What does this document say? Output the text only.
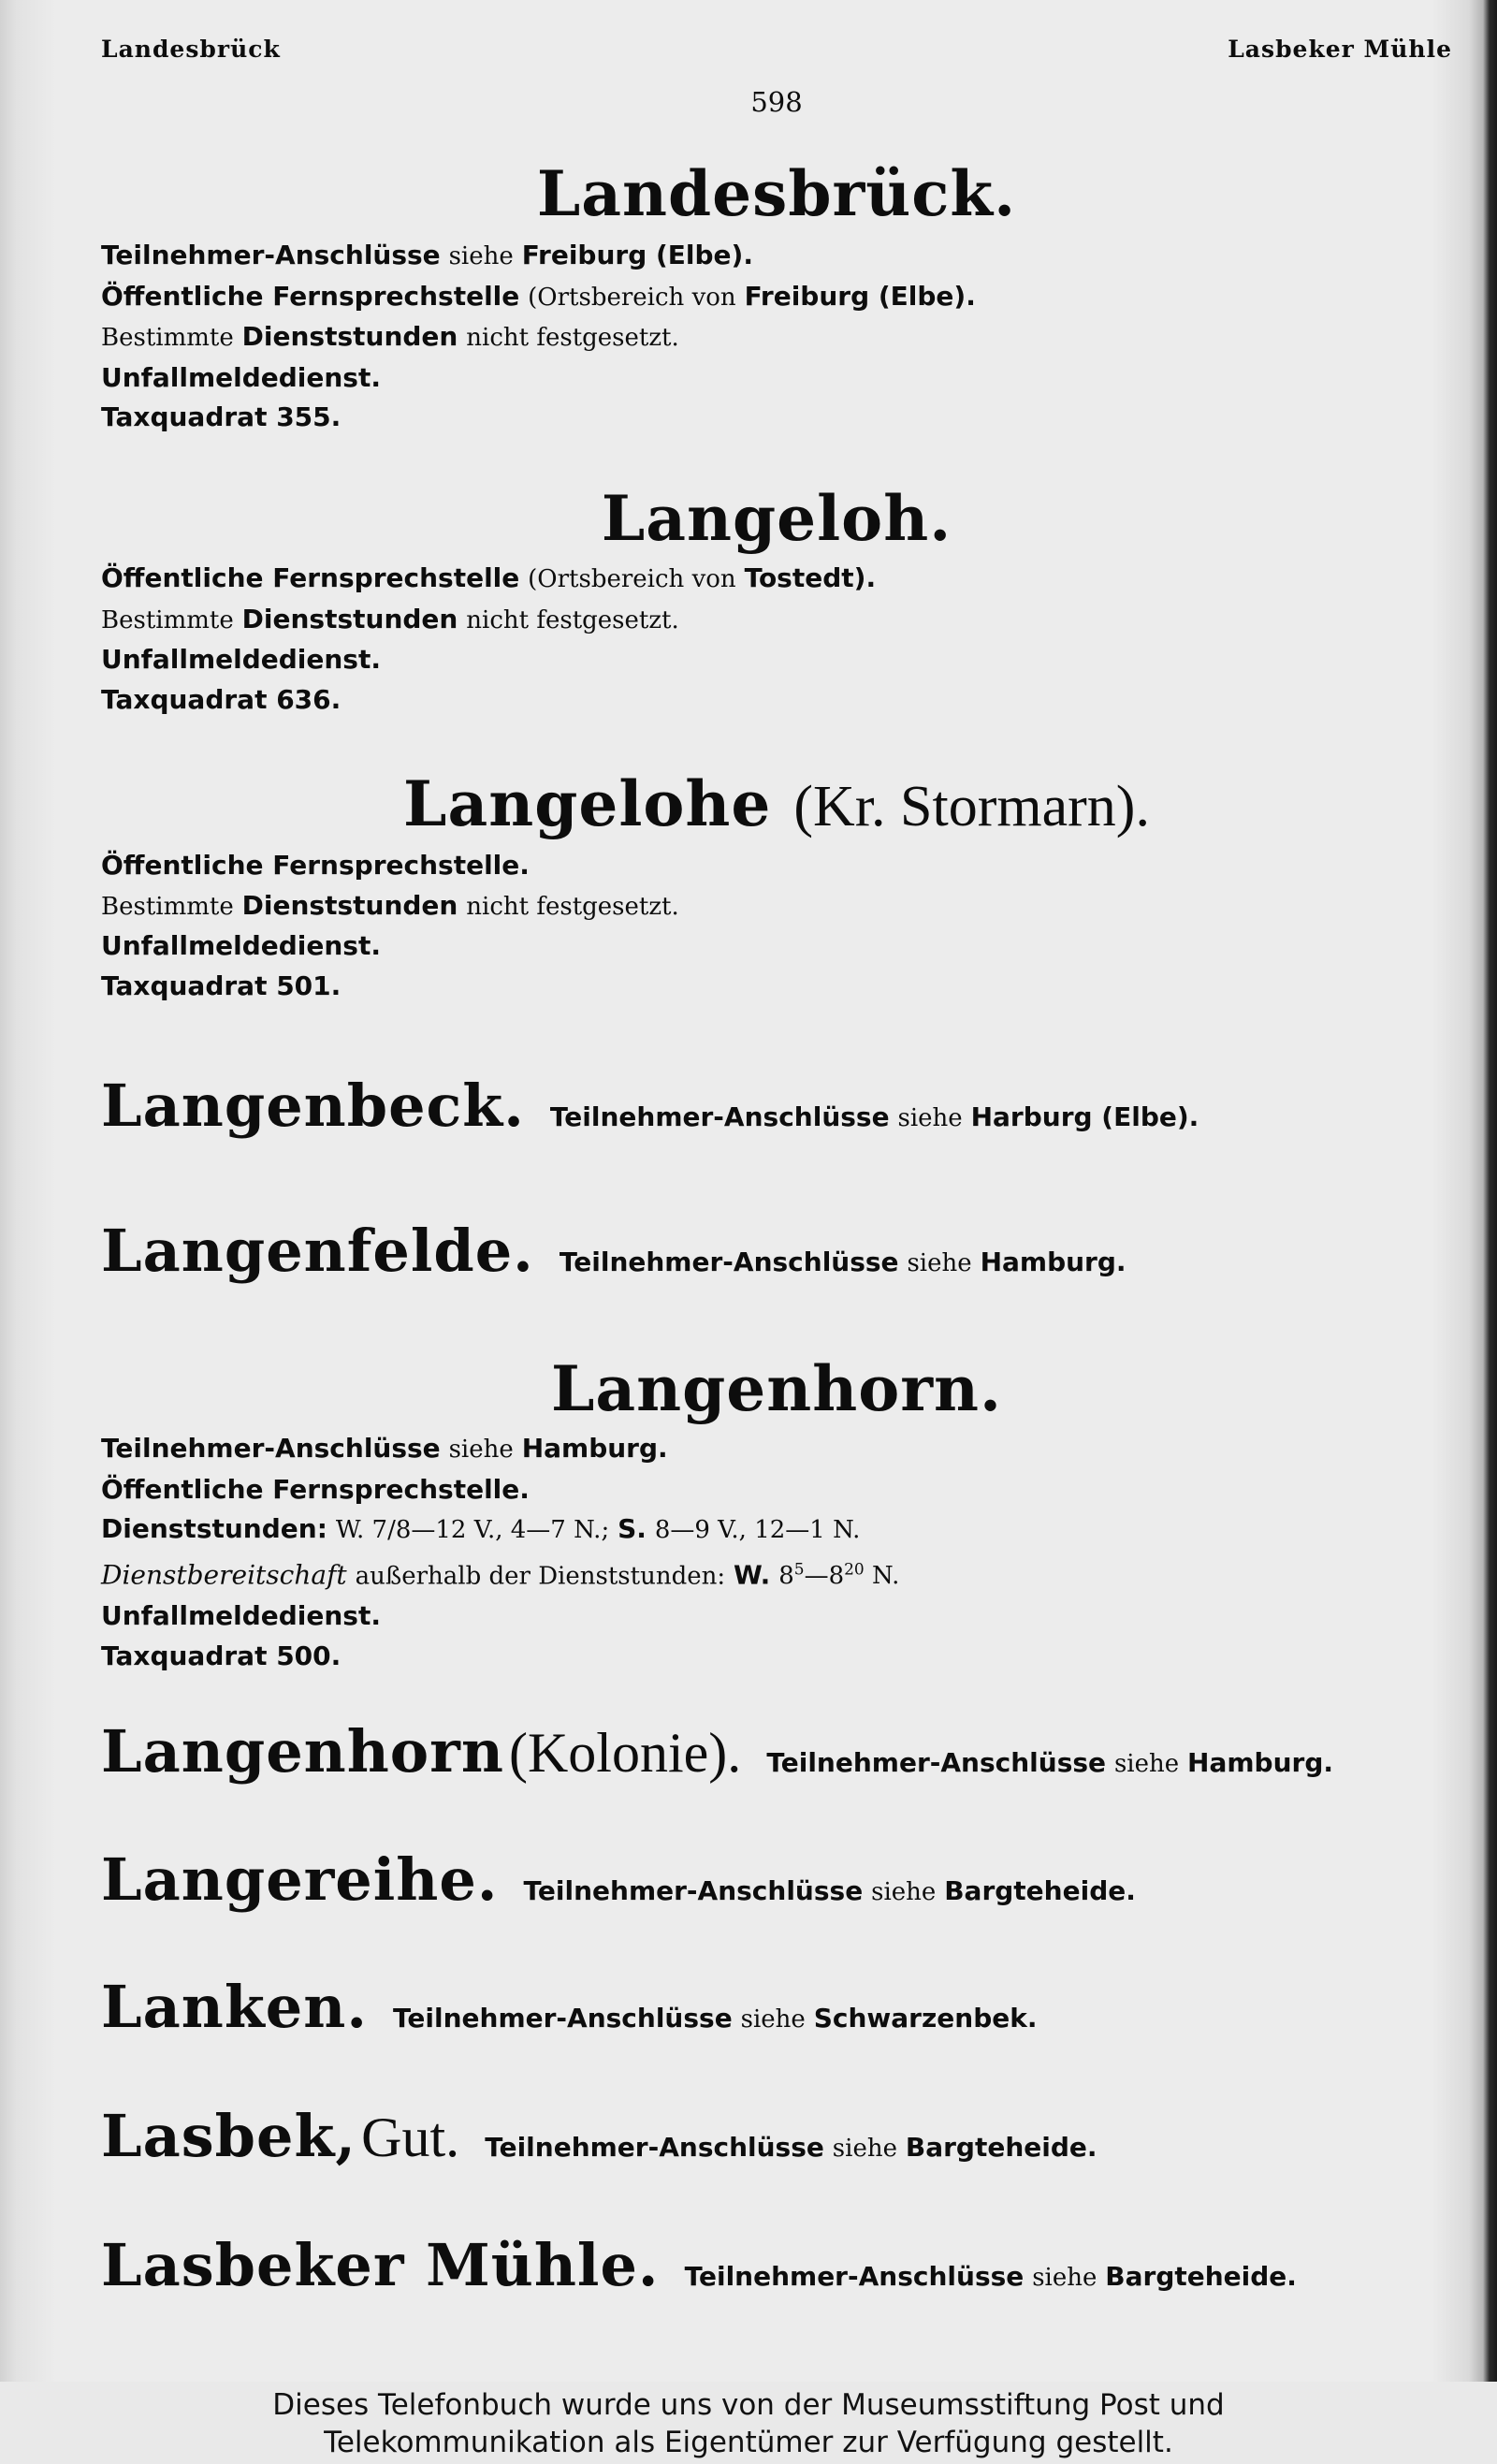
Landesbrück	Lasbeker Mühle
598
Landesbrück.
Teilnehmer-Anschlüsse siehe Freiburg (Elbe).
Öffentliche Fernsprechstelle (Ortsbereich von Freiburg (Elbe).
Bestimmte Dienststunden nicht festgesetzt.
Unfallmeldedienst.
Taxquadrat 355.
Langeloh.
Öffentliche Fernsprechstelle (Ortsbereich von Tostedt).
Bestimmte Dienststunden nicht festgesetzt.
Unfallmeldedienst.
Taxquadrat 636.
Langelohe (Kr. Stormarn).
Öffentliche Fernsprechstelle.
Bestimmte Dienststunden nicht festgesetzt.
Unfallmeldedienst.
Taxquadrat 501.
Langenbeck. Teilnehmer-Anschlüsse siehe Harburg (Elbe).
Langenfelde. Teilnehmer-Anschlüsse siehe Hamburg.
Langenhorn.
Teilnehmer-Anschlüsse siehe Hamburg.
Öffentliche Fernsprechstelle.
Dienststunden: W. 7/8—12 V., 4—7 N.; S. 8—9 V., 12—1 N.
Dienstbereitschaft außerhalb der Dienststunden: W. $8^5—8^{20}$ N.
Unfallmeldedienst.
Taxquadrat 500.
Langenhorn (Kolonie). Teilnehmer-Anschlüsse siehe Hamburg.
Langereihe. Teilnehmer-Anschlüsse siehe Bargteheide.
Lanken. Teilnehmer-Anschlüsse siehe Schwarzenbek.
Lasbek, Gut. Teilnehmer-Anschlüsse siehe Bargteheide.
Lasbeker Mühle. Teilnehmer-Anschlüsse siehe Bargteheide.
Dieses Telefonbuch wurde uns von der Museumsstiftung Post und
Telekommunikation als Eigentümer zur Verfügung gestellt.
